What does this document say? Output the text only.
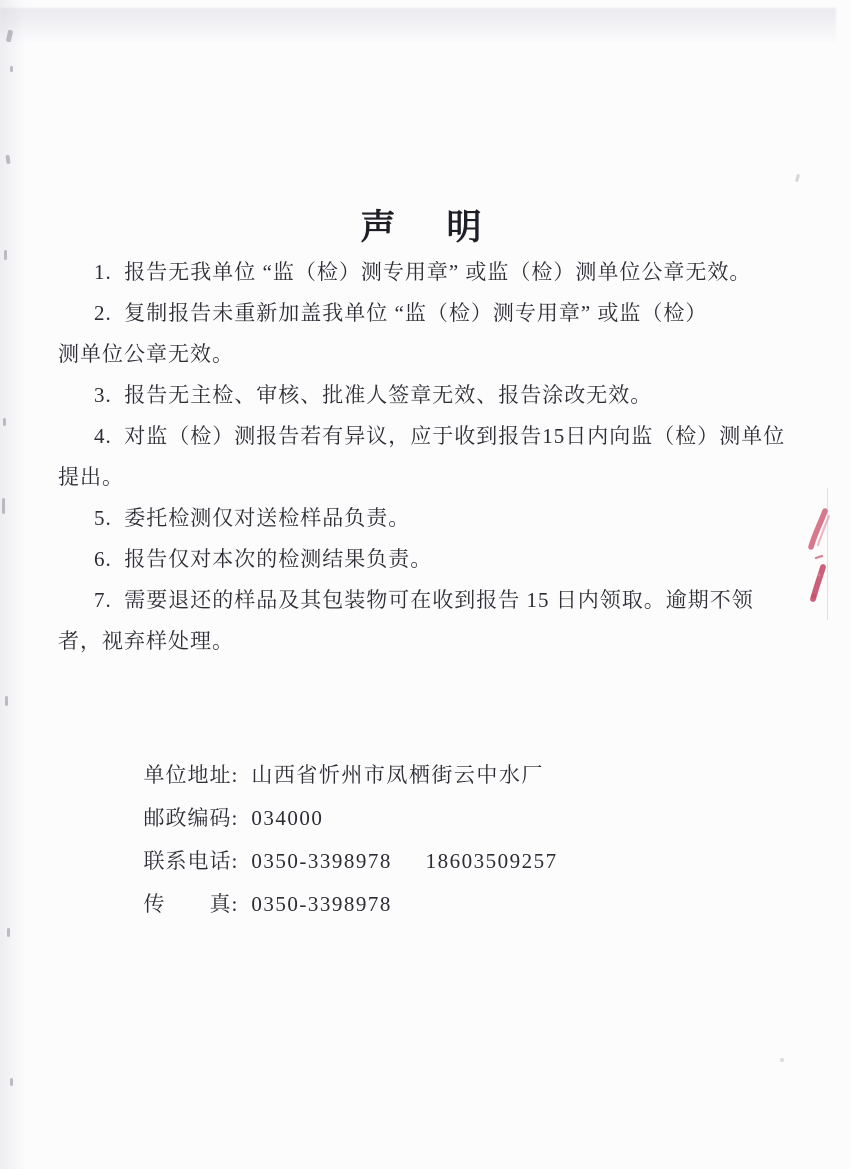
声　明
1.  报告无我单位 “监（检）测专用章” 或监（检）测单位公章无效。
2.  复制报告未重新加盖我单位 “监（检）测专用章” 或监（检）
测单位公章无效。
3.  报告无主检、审核、批准人签章无效、报告涂改无效。
4.  对监（检）测报告若有异议，应于收到报告15日内向监（检）测单位
提出。
5.  委托检测仅对送检样品负责。
6.  报告仅对本次的检测结果负责。
7.  需要退还的样品及其包装物可在收到报告 15 日内领取。逾期不领
者，视弃样处理。

单位地址: 山西省忻州市凤栖街云中水厂

邮政编码: 034000

联系电话: 0350-3398978     18603509257

传　　真: 0350-3398978
